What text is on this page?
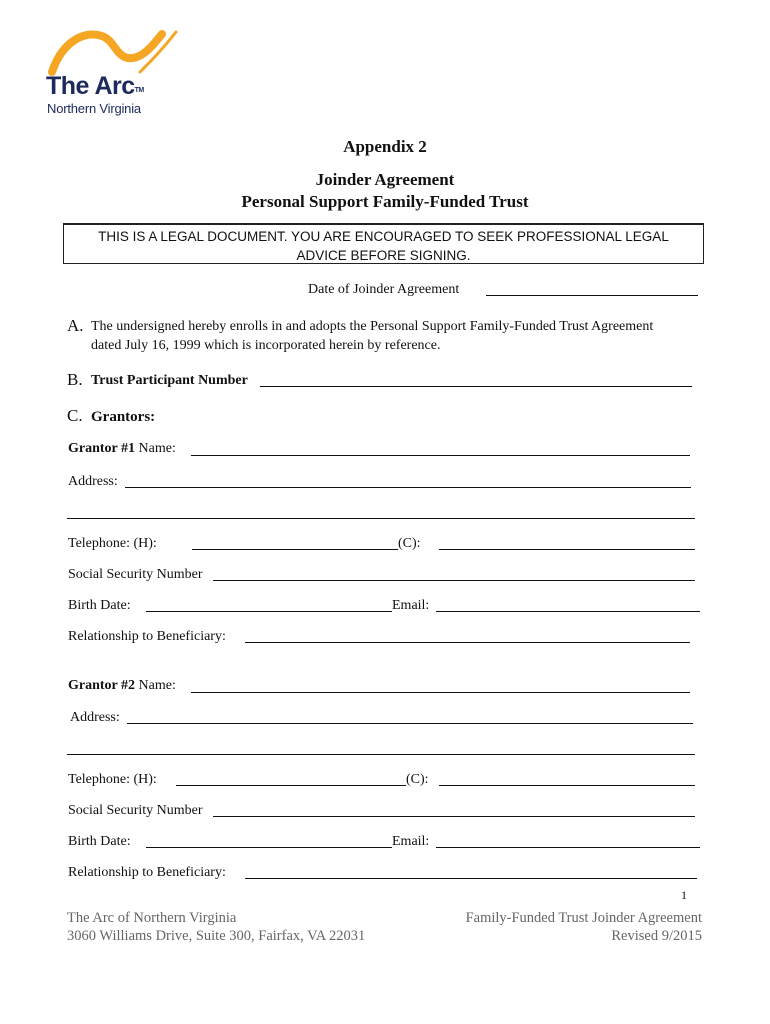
The ArcTM
Northern Virginia
Appendix 2
Joinder Agreement
Personal Support Family-Funded Trust
THIS IS A LEGAL DOCUMENT. YOU ARE ENCOURAGED TO SEEK PROFESSIONAL LEGAL
ADVICE BEFORE SIGNING.
Date of Joinder Agreement
A. The undersigned hereby enrolls in and adopts the Personal Support Family-Funded Trust Agreement
dated July 16, 1999 which is incorporated herein by reference.
B. Trust Participant Number
C. Grantors:
Grantor #1 Name:
Address:
Telephone: (H):	(C):
Social Security Number
Birth Date:	Email:
Relationship to Beneficiary:
Grantor #2 Name:
Address:
Telephone: (H):	(C):
Social Security Number
Birth Date:	Email:
Relationship to Beneficiary:
1
The Arc of Northern Virginia
3060 Williams Drive, Suite 300, Fairfax, VA 22031
Family-Funded Trust Joinder Agreement
Revised 9/2015
